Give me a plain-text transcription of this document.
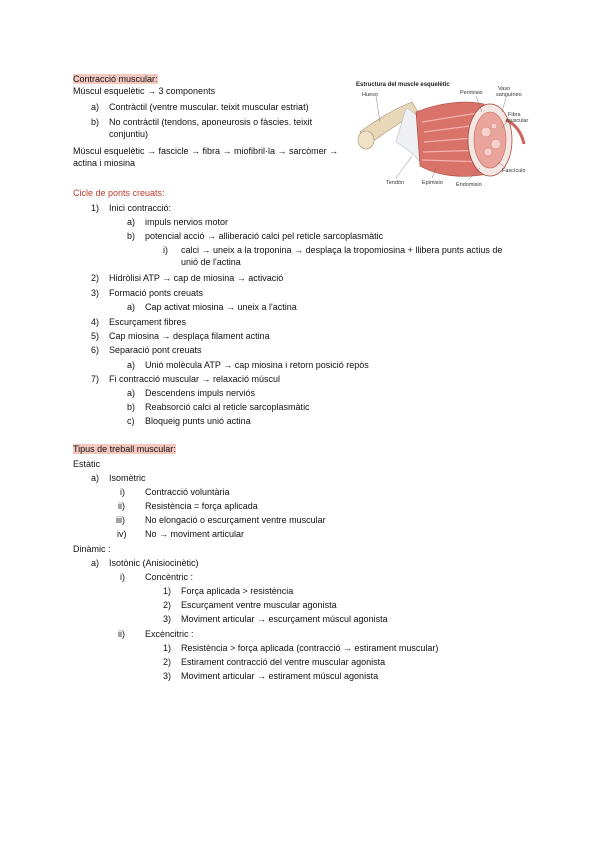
Contracció muscular:
Múscul esquelètic → 3 components
a) Contràctil (ventre muscular. teixit muscular estriat)
b) No contràctil (tendons, aponeurosis o fàscies. teixit
conjuntiu)
Múscul esquelètic → fascicle → fibra → miofibril·la → sarcòmer →
actina i miosina
Estructura del muscle esquelètic
Hueso	Perimisio
Vaso
sanguíneo
Fibra
muscular
Fascículo
Tendón	Epimisio Endomisio
Cicle de ponts creuats:
1) Inici contracció:
a) impuls nervios motor
b) potencial acció → alliberació calci pel reticle sarcoplasmàtic
i) calci → uneix a la troponina → desplaça la tropomiosina + llibera punts actius de
unió de l'actina
2) Hidròlisi ATP → cap de miosina → activació
3) Formació ponts creuats
a) Cap activat miosina → uneix a l'actina
4) Escurçament fibres
5) Cap miosina → desplaça filament actina
6) Separació pont creuats
a) Unió molècula ATP → cap miosina i retorn posició repòs
7) Fi contracció muscular → relaxació múscul
a) Descendens impuls nerviós
b) Reabsorció calci al reticle sarcoplasmàtic
c) Bloqueig punts unió actina
Tipus de treball muscular:
Estàtic
a) Isomètric
i) Contracció voluntària
ii) Resistència = força aplicada
iii) No elongació o escurçament ventre muscular
iv) No → moviment articular
Dinàmic :
a) Isotònic (Anisiocinètic)
i) Concèntric :
1) Força aplicada > resistència
2) Escurçament ventre muscular agonista
3) Moviment articular → escurçament múscul agonista
ii) Excèncitric :
1) Resistència > força aplicada (contracció → estirament muscular)
2) Estirament contracció del ventre muscular agonista
3) Moviment articular → estirament múscul agonista
